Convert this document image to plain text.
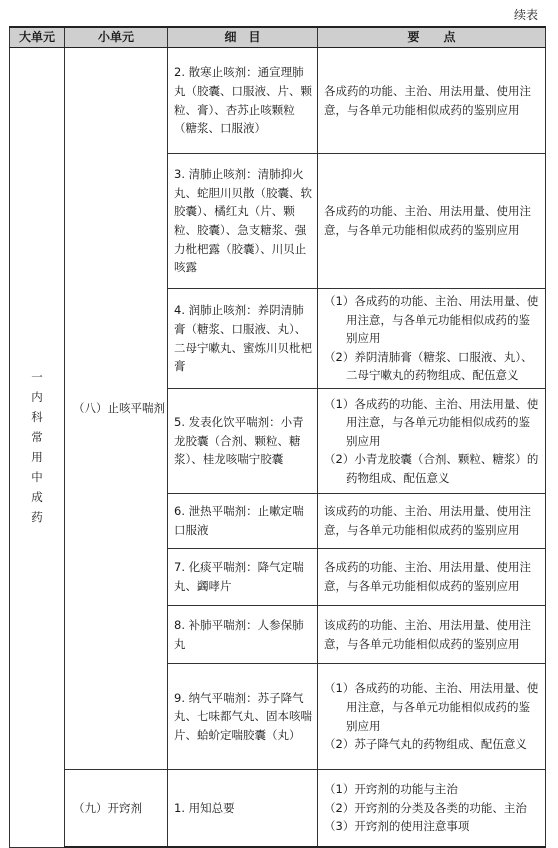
续表
大单元	小单元	细　目	要　　点
一 内科常用中成药	（八）止咳平喘剂	2. 散寒止咳剂：通宣理肺丸（胶囊、口服液、片、颗粒、膏）、杏苏止咳颗粒（糖浆、口服液）	各成药的功能、主治、用法用量、使用注意，与各单元功能相似成药的鉴别应用
		3. 清肺止咳剂：清肺抑火丸、蛇胆川贝散（胶囊、软胶囊）、橘红丸（片、颗粒、胶囊）、急支糖浆、强力枇杷露（胶囊）、川贝止咳露	各成药的功能、主治、用法用量、使用注意，与各单元功能相似成药的鉴别应用
		4. 润肺止咳剂：养阴清肺膏（糖浆、口服液、丸）、二母宁嗽丸、蜜炼川贝枇杷膏	（1）各成药的功能、主治、用法用量、使用注意，与各单元功能相似成药的鉴别应用
（2）养阴清肺膏（糖浆、口服液、丸）、二母宁嗽丸的药物组成、配伍意义

		5. 发表化饮平喘剂：小青龙胶囊（合剂、颗粒、糖浆）、桂龙咳喘宁胶囊	（1）各成药的功能、主治、用法用量、使用注意，与各单元功能相似成药的鉴别应用
（2）小青龙胶囊（合剂、颗粒、糖浆）的药物组成、配伍意义

		6. 泄热平喘剂：止嗽定喘口服液	该成药的功能、主治、用法用量、使用注意，与各单元功能相似成药的鉴别应用
		7. 化痰平喘剂：降气定喘丸、蠲哮片	各成药的功能、主治、用法用量、使用注意，与各单元功能相似成药的鉴别应用
		8. 补肺平喘剂：人参保肺丸	该成药的功能、主治、用法用量、使用注意，与各单元功能相似成药的鉴别应用
		9. 纳气平喘剂：苏子降气丸、七味都气丸、固本咳喘片、蛤蚧定喘胶囊（丸）	（1）各成药的功能、主治、用法用量、使用注意，与各单元功能相似成药的鉴别应用
（2）苏子降气丸的药物组成、配伍意义

	（九）开窍剂	1. 用知总要	（1）开窍剂的功能与主治
（2）开窍剂的分类及各类的功能、主治
（3）开窍剂的使用注意事项
